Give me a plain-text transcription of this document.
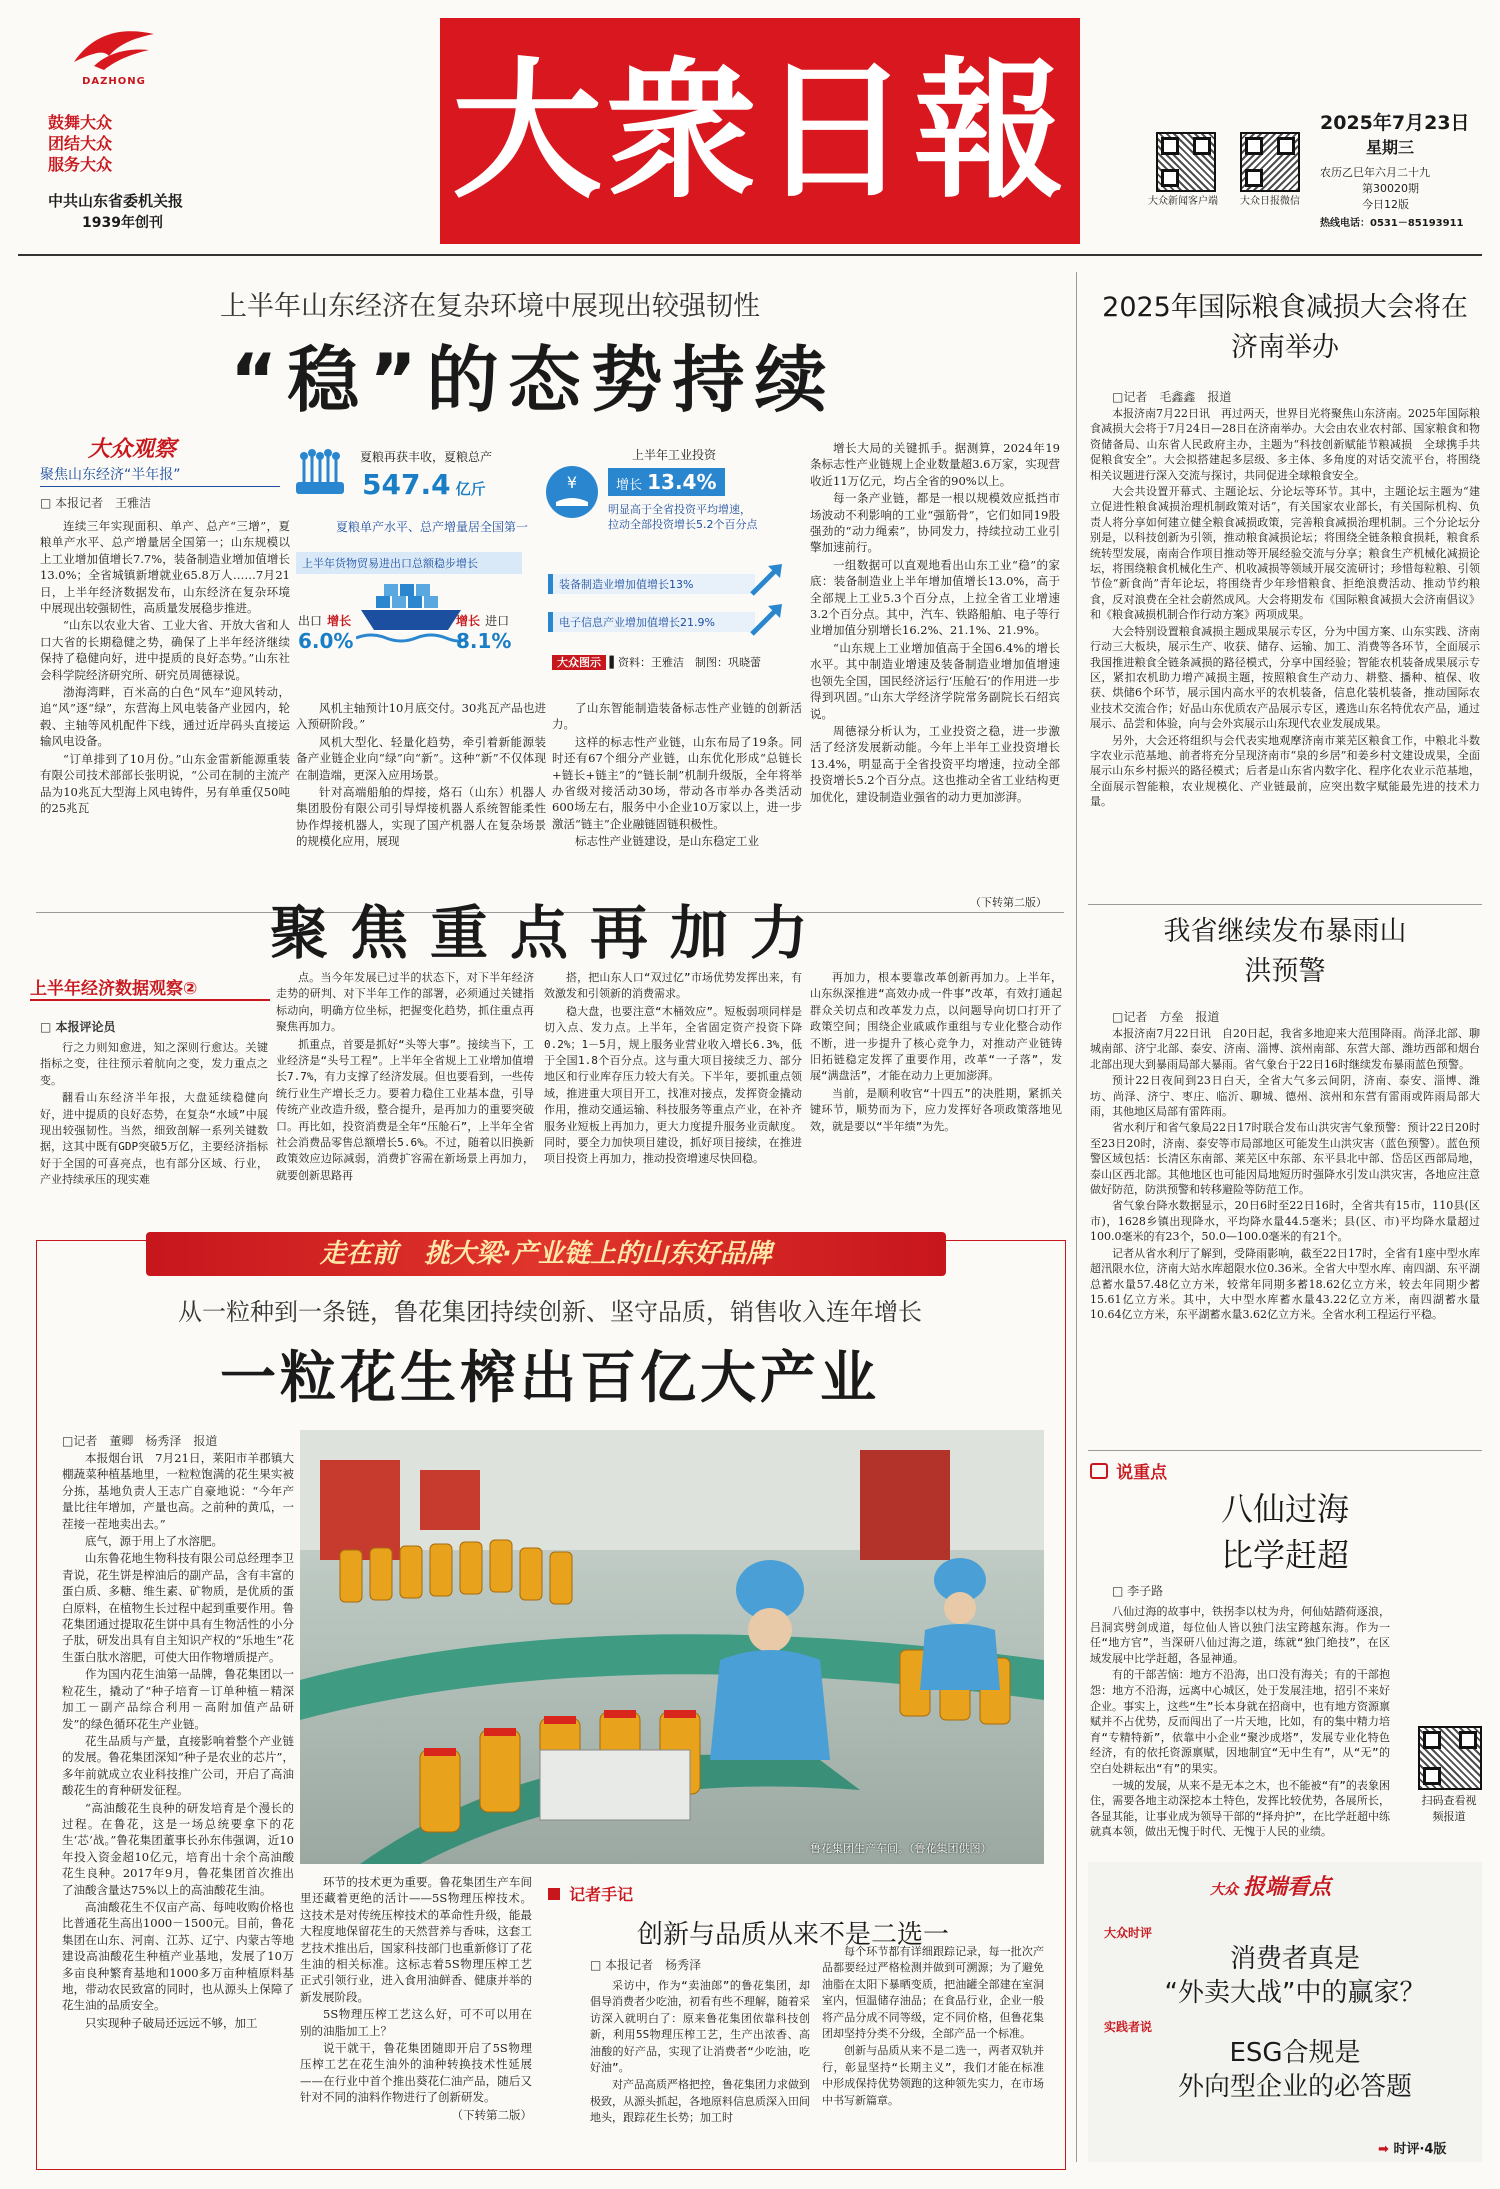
DAZHONG
鼓舞大众
团结大众
服务大众
中共山东省委机关报
1939年创刊
大衆日報	大众新闻客户端 大众日报微信
2025年7月23日
星期三
农历乙巳年六月二十九
第30020期
今日12版
热线电话：0531－85193911
上半年山东经济在复杂环境中展现出较强韧性
“稳”的态势持续
大众观察
聚焦山东经济“半年报”
□ 本报记者　王雅洁

连续三年实现面积、单产、总产“三增”，夏粮单产水平、总产增量居全国第一；山东规模以上工业增加值增长7.7%，装备制造业增加值增长13.0%；全省城镇新增就业65.8万人……7月21日，上半年经济数据发布，山东经济在复杂环境中展现出较强韧性，高质量发展稳步推进。

“山东以农业大省、工业大省、开放大省和人口大省的长期稳健之势，确保了上半年经济继续保持了稳健向好，进中提质的良好态势。”山东社会科学院经济研究所、研究员周德禄说。

渤海湾畔，百米高的白色“风车”迎风转动，追“风”逐“绿”，东营海上风电装备产业园内，轮毂、主轴等风机配件下线，通过近岸码头直接运输风电设备。

“订单排到了10月份。”山东金雷新能源重装有限公司技术部部长张明说，“公司在制的主流产品为10兆瓦大型海上风电铸件，另有单重仅50吨的25兆瓦

夏粮再获丰收，夏粮总产
547.4 亿斤
夏粮单产水平、总产增量居全国第一
上半年货物贸易进出口总额稳步增长
出口 增长
6.0%
增长 进口
8.1%
¥
上半年工业投资
增长 13.4%
明显高于全省投资平均增速，拉动全部投资增长5.2个百分点
装备制造业增加值增长13%
电子信息产业增加值增长21.9%
大众图示 ▌资料：王雅洁　制图：巩晓蕾

风机主轴预计10月底交付。30兆瓦产品也进入预研阶段。”

风机大型化、轻量化趋势，牵引着新能源装备产业链企业向“绿”向“新”。这种“新”不仅体现在制造端，更深入应用场景。

针对高端船舶的焊接，烙石（山东）机器人集团股份有限公司引导焊接机器人系统智能柔性协作焊接机器人，实现了国产机器人在复杂场景的规模化应用，展现

了山东智能制造装备标志性产业链的创新活力。

这样的标志性产业链，山东布局了19条。同时还有67个细分产业链，山东优化形成“总链长+链长+链主”的“链长制”机制升级版，全年将举办省级对接活动30场，带动各市举办各类活动600场左右，服务中小企业10万家以上，进一步激活“链主”企业融链固链积极性。

标志性产业链建设，是山东稳定工业

增长大局的关键抓手。据测算，2024年19条标志性产业链规上企业数量超3.6万家，实现营收近11万亿元，均占全省的90%以上。

每一条产业链，都是一根以规模效应抵挡市场波动不利影响的工业“强筋骨”，它们如同19股强劲的“动力绳索”，协同发力，持续拉动工业引擎加速前行。

一组数据可以直观地看出山东工业“稳”的家底：装备制造业上半年增加值增长13.0%，高于全部规上工业5.3个百分点，上拉全省工业增速3.2个百分点。其中，汽车、铁路船舶、电子等行业增加值分别增长16.2%、21.1%、21.9%。

“山东规上工业增加值高于全国6.4%的增长水平。其中制造业增速及装备制造业增加值增速也领先全国，国民经济运行‘压舱石’的作用进一步得到巩固。”山东大学经济学院常务副院长石绍宾说。

周德禄分析认为，工业投资之稳，进一步激活了经济发展新动能。今年上半年工业投资增长13.4%，明显高于全省投资平均增速，拉动全部投资增长5.2个百分点。这也推动全省工业结构更加优化，建设制造业强省的动力更加澎湃。

（下转第二版）
聚焦重点再加力
上半年经济数据观察②
□ 本报评论员

行之力则知愈进，知之深则行愈达。关键指标之变，往往预示着航向之变，发力重点之变。

翻看山东经济半年报，大盘延续稳健向好，进中提质的良好态势，在复杂“水域”中展现出较强韧性。当然，细致剖解一系列关键数据，这其中既有GDP突破5万亿，主要经济指标好于全国的可喜亮点，也有部分区域、行业，产业持续承压的现实难

点。当今年发展已过半的状态下，对下半年经济走势的研判、对下半年工作的部署，必须通过关键指标动向，明确方位坐标，把握变化趋势，抓住重点再聚焦再加力。

抓重点，首要是抓好“头等大事”。接续当下，工业经济是“头号工程”。上半年全省规上工业增加值增长7.7%，有力支撑了经济发展。但也要看到，一些传统行业生产增长乏力。要着力稳住工业基本盘，引导传统产业改造升级，整合提升，是再加力的重要突破口。再比如，投资消费是全年“压舱石”，上半年全省社会消费品零售总额增长5.6%。不过，随着以旧换新政策效应边际减弱，消费扩容需在新场景上再加力，就要创新思路再

搭，把山东人口“双过亿”市场优势发挥出来，有效激发和引领新的消费需求。

稳大盘，也要注意“木桶效应”。短板弱项同样是切入点、发力点。上半年，全省固定资产投资下降0.2%；1－5月，规上服务业营业收入增长6.3%，低于全国1.8个百分点。这与重大项目接续乏力、部分地区和行业库存压力较大有关。下半年，要抓重点领域，推进重大项目开工，找准对接点，发挥资金撬动作用，推动交通运输、科技服务等重点产业，在补齐服务业短板上再加力，更大力度提升服务业贡献度。同时，要全力加快项目建设，抓好项目接续，在推进项目投资上再加力，推动投资增速尽快回稳。

再加力，根本要靠改革创新再加力。上半年，山东纵深推进“高效办成一件事”改革，有效打通起群众关切点和改革发力点，以问题导向切口打开了政策空间；围绕企业戚戚作重组与专业化整合动作不断，进一步提升了核心竞争力，对推动产业链铸旧拓链稳定发挥了重要作用，改革“一子落”，发展“满盘活”，才能在动力上更加澎湃。

当前，是顺利收官“十四五”的决胜期，紧抓关键环节，顺势而为下，应力发挥好各项政策落地见效，就是要以“半年绩”为先。

走在前　挑大梁·产业链上的山东好品牌
从一粒种到一条链，鲁花集团持续创新、坚守品质，销售收入连年增长
一粒花生榨出百亿大产业
□记者　董卿　杨秀泽　报道

本报烟台讯　7月21日，莱阳市羊郡镇大棚蔬菜种植基地里，一粒粒饱满的花生果实被分拣，基地负责人王志广自豪地说：“今年产量比往年增加，产量也高。之前种的黄瓜，一茬接一茬地卖出去。”

底气，源于用上了水溶肥。

山东鲁花地生物科技有限公司总经理李卫青说，花生饼是榨油后的副产品，含有丰富的蛋白质、多糖、维生素、矿物质，是优质的蛋白原料，在植物生长过程中起到重要作用。鲁花集团通过提取花生饼中具有生物活性的小分子肽，研发出具有自主知识产权的“乐地生”花生蛋白肽水溶肥，可使大田作物增质提产。

作为国内花生油第一品牌，鲁花集团以一粒花生，撬动了“种子培育－订单种植－精深加工－副产品综合利用－高附加值产品研发”的绿色循环花生产业链。

花生品质与产量，直接影响着整个产业链的发展。鲁花集团深知“种子是农业的芯片”，多年前就成立农业科技推广公司，开启了高油酸花生的育种研发征程。

“高油酸花生良种的研发培育是个漫长的过程。在鲁花，这是一场总统要拿下的花生‘芯’战。”鲁花集团董事长孙东伟强调，近10年投入资金超10亿元，培育出十余个高油酸花生良种。2017年9月，鲁花集团首次推出了油酸含量达75%以上的高油酸花生油。

高油酸花生不仅亩产高、每吨收购价格也比普通花生高出1000－1500元。目前，鲁花集团在山东、河南、江苏、辽宁、内蒙古等地建设高油酸花生种植产业基地，发展了10万多亩良种繁育基地和1000多万亩种植原料基地，带动农民致富的同时，也从源头上保障了花生油的品质安全。

只实现种子破局还远远不够，加工

鲁花集团生产车间。（鲁花集团供图）

环节的技术更为重要。鲁花集团生产车间里还藏着更绝的活计——5S物理压榨技术。这技术是对传统压榨技术的革命性升级，能最大程度地保留花生的天然营养与香味，这套工艺技术推出后，国家科技部门也重新修订了花生油的相关标准。这标志着5S物理压榨工艺正式引领行业，进入食用油鲜香、健康并举的新发展阶段。

5S物理压榨工艺这么好，可不可以用在别的油脂加工上？

说干就干，鲁花集团随即开启了5S物理压榨工艺在花生油外的油种转换技术性延展——在行业中首个推出葵花仁油产品，随后又针对不同的油料作物进行了创新研发。

（下转第二版）

记者手记
创新与品质从来不是二选一
□ 本报记者　杨秀泽

采访中，作为“卖油郎”的鲁花集团，却倡导消费者少吃油，初看有些不理解，随着采访深入就明白了：原来鲁花集团依靠科技创新，利用5S物理压榨工艺，生产出浓香、高油酸的好产品，实现了让消费者“少吃油，吃好油”。

对产品高质严格把控，鲁花集团力求做到极致，从源头抓起，各地原料信息质深入田间地头，跟踪花生长势；加工时

每个环节都有详细跟踪记录，每一批次产品都要经过严格检测并做到可溯源；为了避免油脂在太阳下暴晒变质，把油罐全部建在室洞室内，恒温储存油品；在食品行业，企业一般将产品分成不同等级，定不同价格，但鲁花集团却坚持分类不分级，全部产品一个标准。

创新与品质从来不是二选一，两者双轨并行，彰显坚持“长期主义”，我们才能在标准中形成保持优势领跑的这种领先实力，在市场中书写新篇章。

2025年国际粮食减损大会将在济南举办
□记者　毛鑫鑫　报道

本报济南7月22日讯　再过两天，世界目光将聚焦山东济南。2025年国际粮食减损大会将于7月24日—28日在济南举办。大会由农业农村部、国家粮食和物资储备局、山东省人民政府主办，主题为“科技创新赋能节粮减损　全球携手共促粮食安全”。大会拟搭建起多层级、多主体、多角度的对话交流平台，将围绕相关议题进行深入交流与探讨，共同促进全球粮食安全。

大会共设置开幕式、主题论坛、分论坛等环节。其中，主题论坛主题为“建立促进性粮食减损治理机制政策对话”，有关国家农业部长，有关国际机构、负责人将分享如何建立健全粮食减损政策，完善粮食减损治理机制。三个分论坛分别是，以科技创新为引领，推动粮食减损论坛；将围绕全链条粮食损耗，粮食系统转型发展，南南合作项目推动等开展经验交流与分享；粮食生产机械化减损论坛，将围绕粮食机械化生产、机收减损等领域开展交流研讨；珍惜每粒粮、引领节俭“新食尚”青年论坛，将围绕青少年珍惜粮食、拒绝浪费活动、推动节约粮食，反对浪费在全社会蔚然成风。大会将期发布《国际粮食减损大会济南倡议》和《粮食减损机制合作行动方案》两项成果。

大会特别设置粮食减损主题成果展示专区，分为中国方案、山东实践、济南行动三大板块，展示生产、收获、储存、运输、加工、消费等各环节，全面展示我国推进粮食全链条减损的路径模式，分享中国经验；智能农机装备成果展示专区，紧扣农机助力增产减损主题，按照粮食生产动力、耕整、播种、植保、收获、烘储6个环节，展示国内高水平的农机装备，信息化装机装备，推动国际农业技术交流合作；好品山东优质农产品展示专区，遴选山东名特优农产品，通过展示、品尝和体验，向与会外宾展示山东现代农业发展成果。

另外，大会还将组织与会代表实地观摩济南市莱芜区粮食工作，中粮北斗数字农业示范基地、前者将充分呈现济南市“泉的乡居”和姜乡村文建设成果，全面展示山东乡村振兴的路径模式；后者是山东省内数字化、程序化农业示范基地，全面展示智能粮，农业规模化、产业链最前，应突出数字赋能最先进的技术力量。

我省继续发布暴雨山洪预警
□记者　方垒　报道

本报济南7月22日讯　自20日起，我省多地迎来大范围降雨。尚泽北部、聊城南部、济宁北部、泰安、济南、淄博、滨州南部、东营大部、潍坊西部和烟台北部出现大到暴雨局部大暴雨。省气象台于22日16时继续发布暴雨蓝色预警。

预计22日夜间到23日白天，全省大气多云间阴，济南、泰安、淄博、潍坊、尚泽、济宁、枣庄、临沂、聊城、德州、滨州和东营有雷雨或阵雨局部大雨，其他地区局部有雷阵雨。

省水利厅和省气象局22日17时联合发布山洪灾害气象预警：预计22日20时至23日20时，济南、泰安等市局部地区可能发生山洪灾害（蓝色预警）。蓝色预警区域包括：长清区东南部、莱芜区中东部、东平县北中部、岱岳区西部局地，泰山区西北部。其他地区也可能因局地短历时强降水引发山洪灾害，各地应注意做好防范，防洪预警和转移避险等防范工作。

省气象台降水数据显示，20日6时至22日16时，全省共有15市，110县(区市)，1628乡镇出现降水，平均降水量44.5毫米；县(区、市)平均降水量超过100.0毫米的有23个，50.0—100.0毫米的有21个。

记者从省水利厅了解到，受降雨影响，截至22日17时，全省有1座中型水库超汛限水位，济南大站水库超限水位0.36米。全省大中型水库、南四湖、东平湖总蓄水量57.48亿立方米，较常年同期多蓄18.62亿立方米，较去年同期少蓄15.61亿立方米。其中，大中型水库蓄水量43.22亿立方米，南四湖蓄水量10.64亿立方米，东平湖蓄水量3.62亿立方米。全省水利工程运行平稳。

说重点
八仙过海
比学赶超
□ 李子路

八仙过海的故事中，铁拐李以杖为舟，何仙姑踏荷逐浪，吕洞宾劈剑成道，每位仙人皆以独门法宝跨越东海。作为一任“地方官”，当深研八仙过海之道，练就“独门绝技”，在区域发展中比学赶超，各显神通。

有的干部苦恼：地方不沿海，出口没有海关；有的干部抱怨：地方不沿海，远离中心城区，处于发展洼地，招引不来好企业。事实上，这些“生”长本身就在招商中，也有地方资源禀赋并不占优势，反而闯出了一片天地，比如，有的集中精力培育“专精特新”，依靠中小企业“聚沙成塔”，发展专业化特色经济，有的依托资源禀赋，因地制宜“无中生有”，从“无”的空白处耕耘出“有”的果实。

一城的发展，从来不是无本之木，也不能被“有”的表象困住，需要各地主动深挖本土特色，发挥比较优势，各展所长，各显其能，让事业成为领导干部的“择舟护”，在比学赶超中练就真本领，做出无愧于时代、无愧于人民的业绩。

扫码查看视频报道
大众 报端看点
大众时评
消费者真是
“外卖大战”中的赢家？
实践者说
ESG合规是
外向型企业的必答题
➡ 时评·4版
